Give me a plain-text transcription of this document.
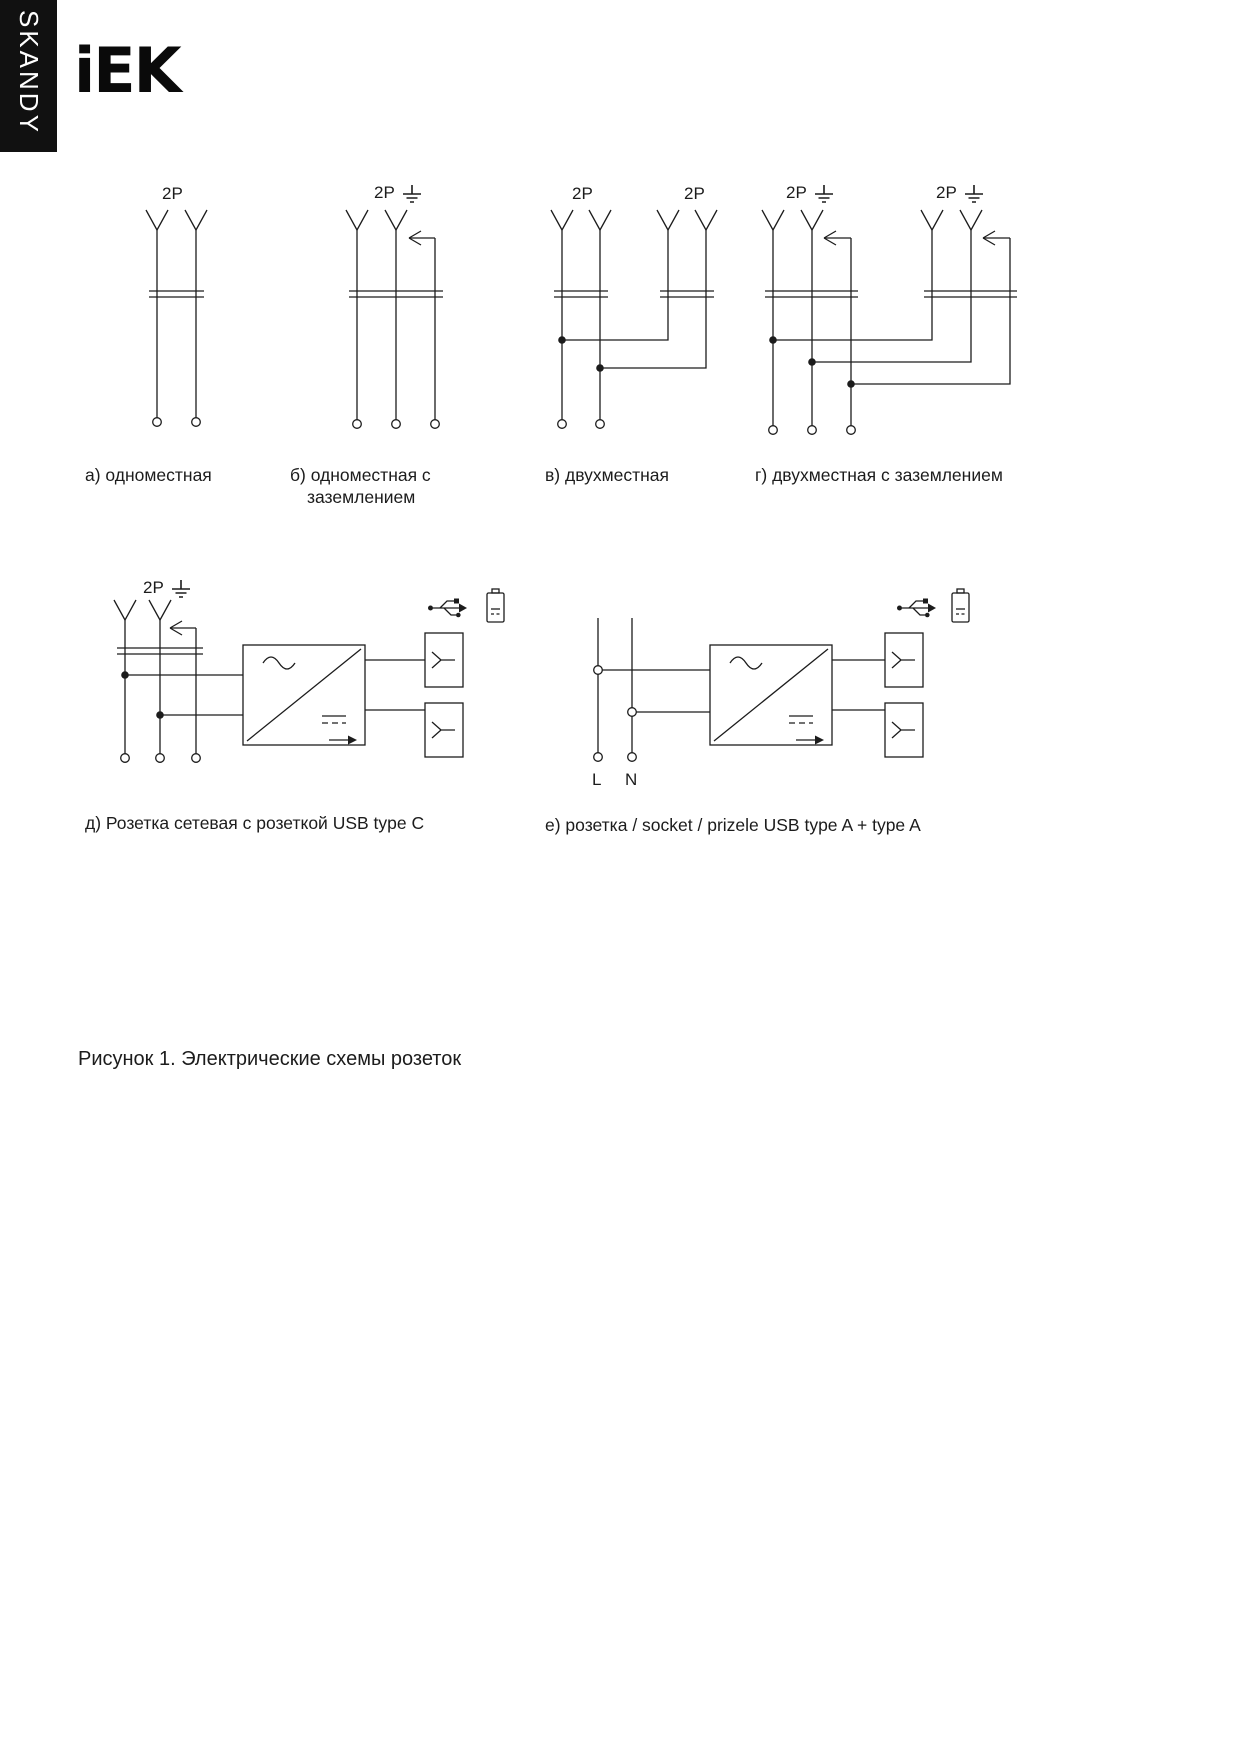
SKANDY iEK
2P	2P	2P	2P	2P	2P
2P
L N
а) одноместная	б) одноместная с
заземлением
в) двухместная	г) двухместная с заземлением
д) Розетка сетевая с розеткой USB type C	е) розетка / socket / prizele USB type A + type A
Рисунок 1. Электрические схемы розеток
